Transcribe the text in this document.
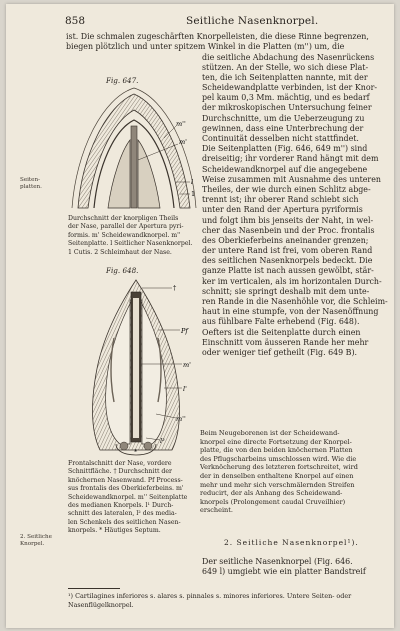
858	Seitliche Nasenknorpel.
ist. Die schmalen zugeschärften Knorpelleisten, die diese Rinne begrenzen,
biegen plötzlich und unter spitzem Winkel in die Platten (m'') um, die
die seitliche Abdachung des Nasenrückens
stützen. An der Stelle, wo sich diese Plat-
ten, die ich Seitenplatten nannte, mit der
Scheidewandplatte verbinden, ist der Knor-
pel kaum 0,3 Mm. mächtig, und es bedarf
der mikroskopischen Untersuchung feiner
Durchschnitte, um die Ueberzeugung zu
gewinnen, dass eine Unterbrechung der
Continuität desselben nicht stattfindet.
Die Seitenplatten (Fig. 646, 649 m'') sind
dreiseitig; ihr vorderer Rand hängt mit dem
Scheidewandknorpel auf die angegebene
Weise zusammen mit Ausnahme des unteren
Theiles, der wie durch einen Schlitz abge-
trennt ist; ihr oberer Rand schiebt sich
unter den Rand der Apertura pyriformis
und folgt ihm bis jenseits der Naht, in wel-
cher das Nasenbein und der Proc. frontalis
des Oberkieferbeins aneinander grenzen;
der untere Rand ist frei, vom oberen Rand
des seitlichen Nasenknorpels bedeckt. Die
ganze Platte ist nach aussen gewölbt, stär-
ker im verticalen, als im horizontalen Durch-
schnitt; sie springt deshalb mit dem unte-
ren Rande in die Nasenhöhle vor, die Schleim-
haut in eine stumpfe, von der Nasenöffnung
aus fühlbare Falte erhebend (Fig. 648).
Oefters ist die Seitenplatte durch einen
Einschnitt vom äusseren Rande her mehr
oder weniger tief getheilt (Fig. 649 B).
Seiten-
platten.
2. Seitliche
Knorpel.
Fig. 647.
m''
m'
l
1
Durchschnitt der knorpligen Theils
der Nase, parallel der Apertura pyri-
formis. m' Scheidewandknorpel. m''
Seitenplatte. l Seitlicher Nasenknorpel.
1 Cutis. 2 Schleimhaut der Nase.
Fig. 648.
†
Pf
m'
l'
m''
l²
*
Frontalschnitt der Nase, vordere
Schnittfläche. † Durchschnitt der
knöchernen Nasenwand. Pf Process-
sus frontalis des Oberkieferbeins. m'
Scheidewandknorpel. m'' Seitenplatte
des medianen Knorpels. l¹ Durch-
schnitt des lateralen, l² des media-
len Schenkels des seitlichen Nasen-
knorpels. * Häutiges Septum.
Beim Neugeborenen ist der Scheidewand-
knorpel eine directe Fortsetzung der Knorpel-
platte, die von den beiden knöchernen Platten
des Pflugscharbeins umschlossen wird. Wie die
Verknöcherung des letzteren fortschreitet, wird
der in denselben enthaltene Knorpel auf einen
mehr und mehr sich verschmälernden Streifen
reducirt, der als Anhang des Scheidewand-
knorpels (Prolongement caudal Cruveilhier)
erscheint.
2. Seitliche Nasenknorpel¹).
Der seitliche Nasenknorpel (Fig. 646.
649 l) umgiebt wie ein platter Bandstreif
¹) Cartilagines inferiores s. alares s. pinnales s. minores inferiores. Untere Seiten- oder
Nasenflügelknorpel.
